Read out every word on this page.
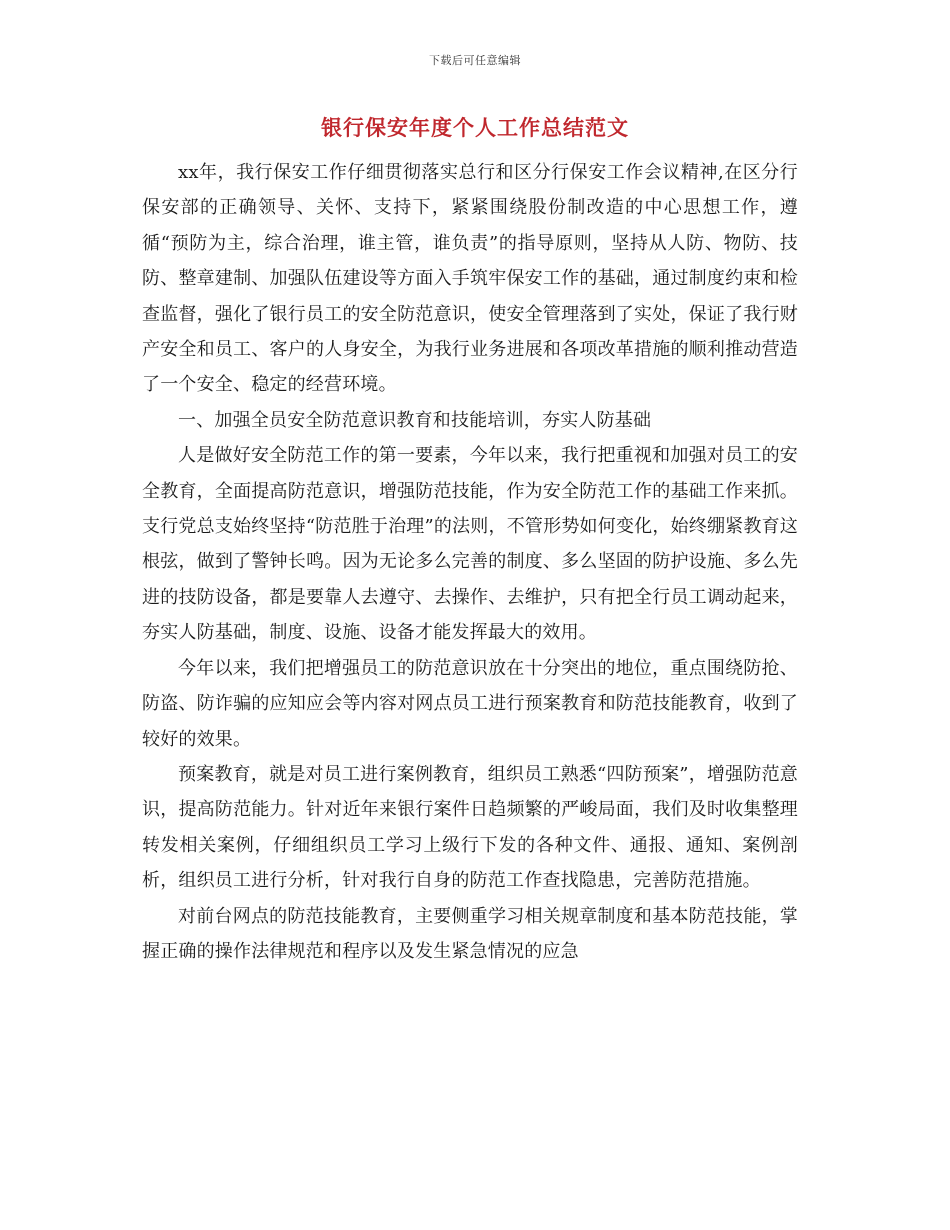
下载后可任意编辑
银行保安年度个人工作总结范文

xx年，我行保安工作仔细贯彻落实总行和区分行保安工作会议精神,在区分行保安部的正确领导、关怀、支持下，紧紧围绕股份制改造的中心思想工作，遵循“预防为主，综合治理，谁主管，谁负责”的指导原则，坚持从人防、物防、技防、整章建制、加强队伍建设等方面入手筑牢保安工作的基础，通过制度约束和检查监督，强化了银行员工的安全防范意识，使安全管理落到了实处，保证了我行财产安全和员工、客户的人身安全，为我行业务进展和各项改革措施的顺利推动营造了一个安全、稳定的经营环境。

一、加强全员安全防范意识教育和技能培训，夯实人防基础

人是做好安全防范工作的第一要素，今年以来，我行把重视和加强对员工的安全教育，全面提高防范意识，增强防范技能，作为安全防范工作的基础工作来抓。支行党总支始终坚持“防范胜于治理”的法则，不管形势如何变化，始终绷紧教育这根弦，做到了警钟长鸣。因为无论多么完善的制度、多么坚固的防护设施、多么先进的技防设备，都是要靠人去遵守、去操作、去维护，只有把全行员工调动起来，夯实人防基础，制度、设施、设备才能发挥最大的效用。

今年以来，我们把增强员工的防范意识放在十分突出的地位，重点围绕防抢、防盗、防诈骗的应知应会等内容对网点员工进行预案教育和防范技能教育，收到了较好的效果。

预案教育，就是对员工进行案例教育，组织员工熟悉“四防预案”，增强防范意识，提高防范能力。针对近年来银行案件日趋频繁的严峻局面，我们及时收集整理转发相关案例，仔细组织员工学习上级行下发的各种文件、通报、通知、案例剖析，组织员工进行分析，针对我行自身的防范工作查找隐患，完善防范措施。

对前台网点的防范技能教育，主要侧重学习相关规章制度和基本防范技能，掌握正确的操作法律规范和程序以及发生紧急情况的应急
